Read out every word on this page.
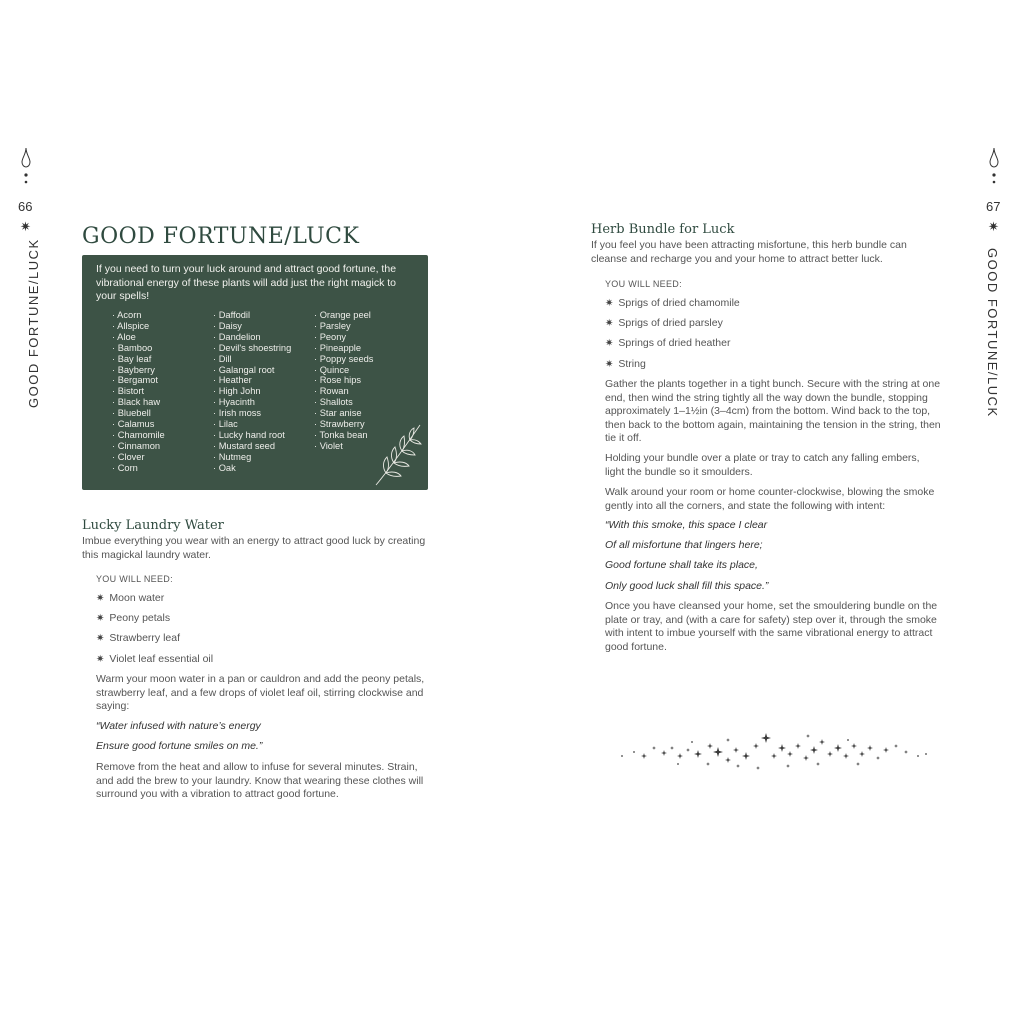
66
✷
GOOD FORTUNE/LUCK
67
✷
GOOD FORTUNE/LUCK
GOOD FORTUNE/LUCK

If you need to turn your luck around and attract good fortune, the vibrational energy of these plants will add just the right magick to your spells!

· Acorn
· Allspice
· Aloe
· Bamboo
· Bay leaf
· Bayberry
· Bergamot
· Bistort
· Black haw
· Bluebell
· Calamus
· Chamomile
· Cinnamon
· Clover
· Corn
· Daffodil
· Daisy
· Dandelion
· Devil's shoestring
· Dill
· Galangal root
· Heather
· High John
· Hyacinth
· Irish moss
· Lilac
· Lucky hand root
· Mustard seed
· Nutmeg
· Oak
· Orange peel
· Parsley
· Peony
· Pineapple
· Poppy seeds
· Quince
· Rose hips
· Rowan
· Shallots
· Star anise
· Strawberry
· Tonka bean
· Violet
Lucky Laundry Water

Imbue everything you wear with an energy to attract good luck by creating this magickal laundry water.

YOU WILL NEED:
✷ Moon water
✷ Peony petals
✷ Strawberry leaf
✷ Violet leaf essential oil

Warm your moon water in a pan or cauldron and add the peony petals, strawberry leaf, and a few drops of violet leaf oil, stirring clockwise and saying:

“Water infused with nature’s energy
Ensure good fortune smiles on me.”

Remove from the heat and allow to infuse for several minutes. Strain, and add the brew to your laundry. Know that wearing these clothes will surround you with a vibration to attract good fortune.

Herb Bundle for Luck

If you feel you have been attracting misfortune, this herb bundle can cleanse and recharge you and your home to attract better luck.

YOU WILL NEED:
✷ Sprigs of dried chamomile
✷ Sprigs of dried parsley
✷ Springs of dried heather
✷ String

Gather the plants together in a tight bunch. Secure with the string at one end, then wind the string tightly all the way down the bundle, stopping approximately 1–1½in (3–4cm) from the bottom. Wind back to the top, then back to the bottom again, maintaining the tension in the string, then tie it off.

Holding your bundle over a plate or tray to catch any falling embers, light the bundle so it smoulders.

Walk around your room or home counter-clockwise, blowing the smoke gently into all the corners, and state the following with intent:

“With this smoke, this space I clear
Of all misfortune that lingers here;
Good fortune shall take its place,
Only good luck shall fill this space.”

Once you have cleansed your home, set the smouldering bundle on the plate or tray, and (with a care for safety) step over it, through the smoke with intent to imbue yourself with the same vibrational energy to attract good fortune.
